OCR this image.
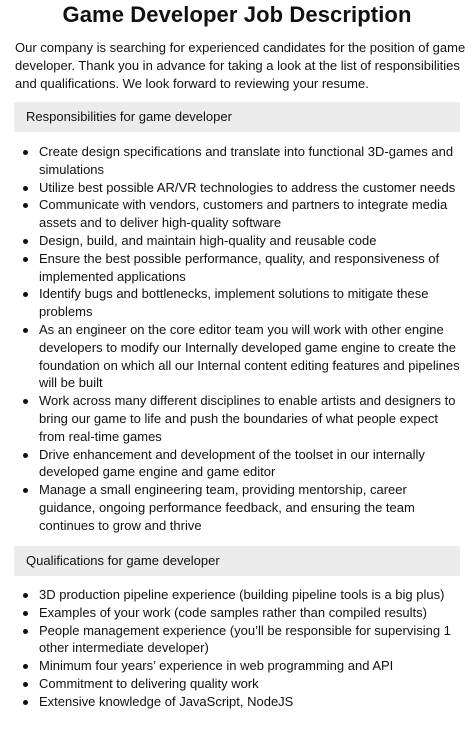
Game Developer Job Description
Our company is searching for experienced candidates for the position of game developer. Thank you in advance for taking a look at the list of responsibilities and qualifications. We look forward to reviewing your resume.
Responsibilities for game developer
Create design specifications and translate into functional 3D-games and simulations
Utilize best possible AR/VR technologies to address the customer needs
Communicate with vendors, customers and partners to integrate media assets and to deliver high-quality software
Design, build, and maintain high-quality and reusable code
Ensure the best possible performance, quality, and responsiveness of implemented applications
Identify bugs and bottlenecks, implement solutions to mitigate these problems
As an engineer on the core editor team you will work with other engine developers to modify our Internally developed game engine to create the foundation on which all our Internal content editing features and pipelines will be built
Work across many different disciplines to enable artists and designers to bring our game to life and push the boundaries of what people expect from real-time games
Drive enhancement and development of the toolset in our internally developed game engine and game editor
Manage a small engineering team, providing mentorship, career guidance, ongoing performance feedback, and ensuring the team continues to grow and thrive
Qualifications for game developer
3D production pipeline experience (building pipeline tools is a big plus)
Examples of your work (code samples rather than compiled results)
People management experience (you’ll be responsible for supervising 1 other intermediate developer)
Minimum four years’ experience in web programming and API
Commitment to delivering quality work
Extensive knowledge of JavaScript, NodeJS
